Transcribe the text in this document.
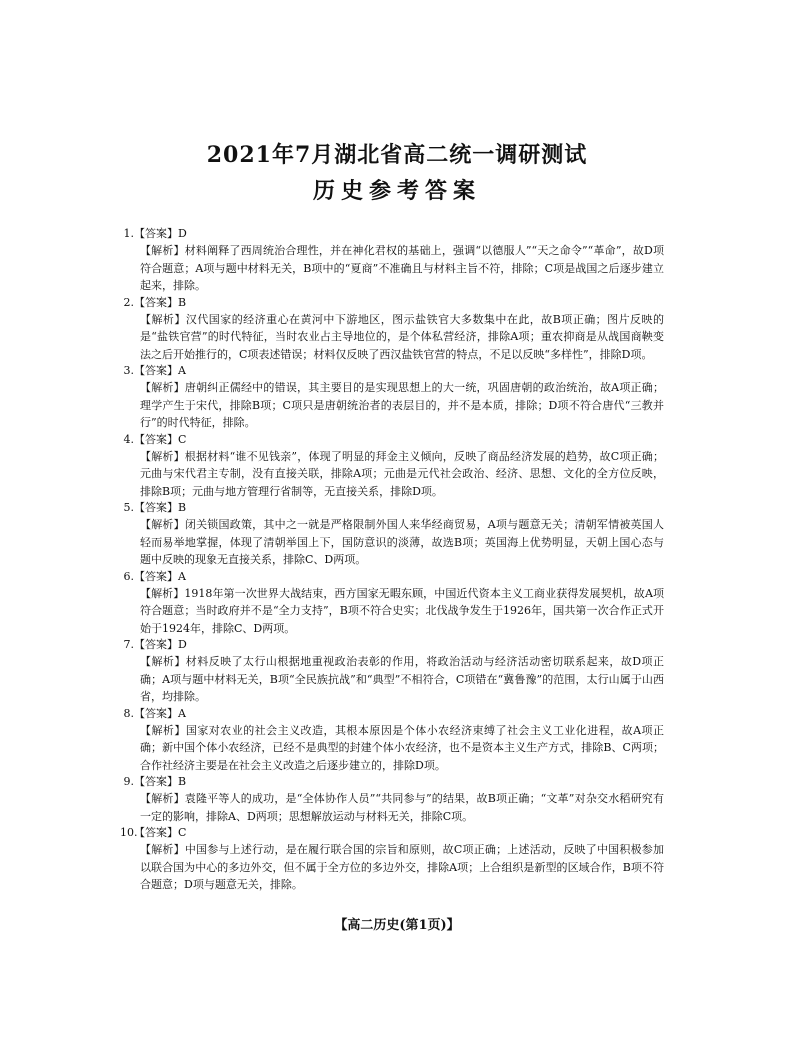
2021年7月湖北省高二统一调研测试
历史参考答案
1.【答案】D

【解析】材料阐释了西周统治合理性，并在神化君权的基础上，强调“以德服人”“天之命令”“革命”，故D项符合题意；A项与题中材料无关，B项中的“夏商”不准确且与材料主旨不符，排除；C项是战国之后逐步建立起来，排除。

2.【答案】B

【解析】汉代国家的经济重心在黄河中下游地区，图示盐铁官大多数集中在此，故B项正确；图片反映的是“盐铁官营”的时代特征，当时农业占主导地位的，是个体私营经济，排除A项；重农抑商是从战国商鞅变法之后开始推行的，C项表述错误；材料仅反映了西汉盐铁官营的特点，不足以反映“多样性”，排除D项。

3.【答案】A

【解析】唐朝纠正儒经中的错误，其主要目的是实现思想上的大一统，巩固唐朝的政治统治，故A项正确；理学产生于宋代，排除B项；C项只是唐朝统治者的表层目的，并不是本质，排除；D项不符合唐代“三教并行”的时代特征，排除。

4.【答案】C

【解析】根据材料“谁不见钱亲”，体现了明显的拜金主义倾向，反映了商品经济发展的趋势，故C项正确；元曲与宋代君主专制，没有直接关联，排除A项；元曲是元代社会政治、经济、思想、文化的全方位反映，排除B项；元曲与地方管理行省制等，无直接关系，排除D项。

5.【答案】B

【解析】闭关锁国政策，其中之一就是严格限制外国人来华经商贸易，A项与题意无关；清朝军情被英国人轻而易举地掌握，体现了清朝举国上下，国防意识的淡薄，故选B项；英国海上优势明显，天朝上国心态与题中反映的现象无直接关系，排除C、D两项。

6.【答案】A

【解析】1918年第一次世界大战结束，西方国家无暇东顾，中国近代资本主义工商业获得发展契机，故A项符合题意；当时政府并不是“全力支持”，B项不符合史实；北伐战争发生于1926年，国共第一次合作正式开始于1924年，排除C、D两项。

7.【答案】D

【解析】材料反映了太行山根据地重视政治表彰的作用，将政治活动与经济活动密切联系起来，故D项正确；A项与题中材料无关，B项“全民族抗战”和“典型”不相符合，C项错在“冀鲁豫”的范围，太行山属于山西省，均排除。

8.【答案】A

【解析】国家对农业的社会主义改造，其根本原因是个体小农经济束缚了社会主义工业化进程，故A项正确；新中国个体小农经济，已经不是典型的封建个体小农经济，也不是资本主义生产方式，排除B、C两项；合作社经济主要是在社会主义改造之后逐步建立的，排除D项。

9.【答案】B

【解析】袁隆平等人的成功，是“全体协作人员”“共同参与”的结果，故B项正确；“文革”对杂交水稻研究有一定的影响，排除A、D两项；思想解放运动与材料无关，排除C项。

10.【答案】C

【解析】中国参与上述行动，是在履行联合国的宗旨和原则，故C项正确；上述活动，反映了中国积极参加以联合国为中心的多边外交，但不属于全方位的多边外交，排除A项；上合组织是新型的区域合作，B项不符合题意；D项与题意无关，排除。

【高二历史(第1页)】
